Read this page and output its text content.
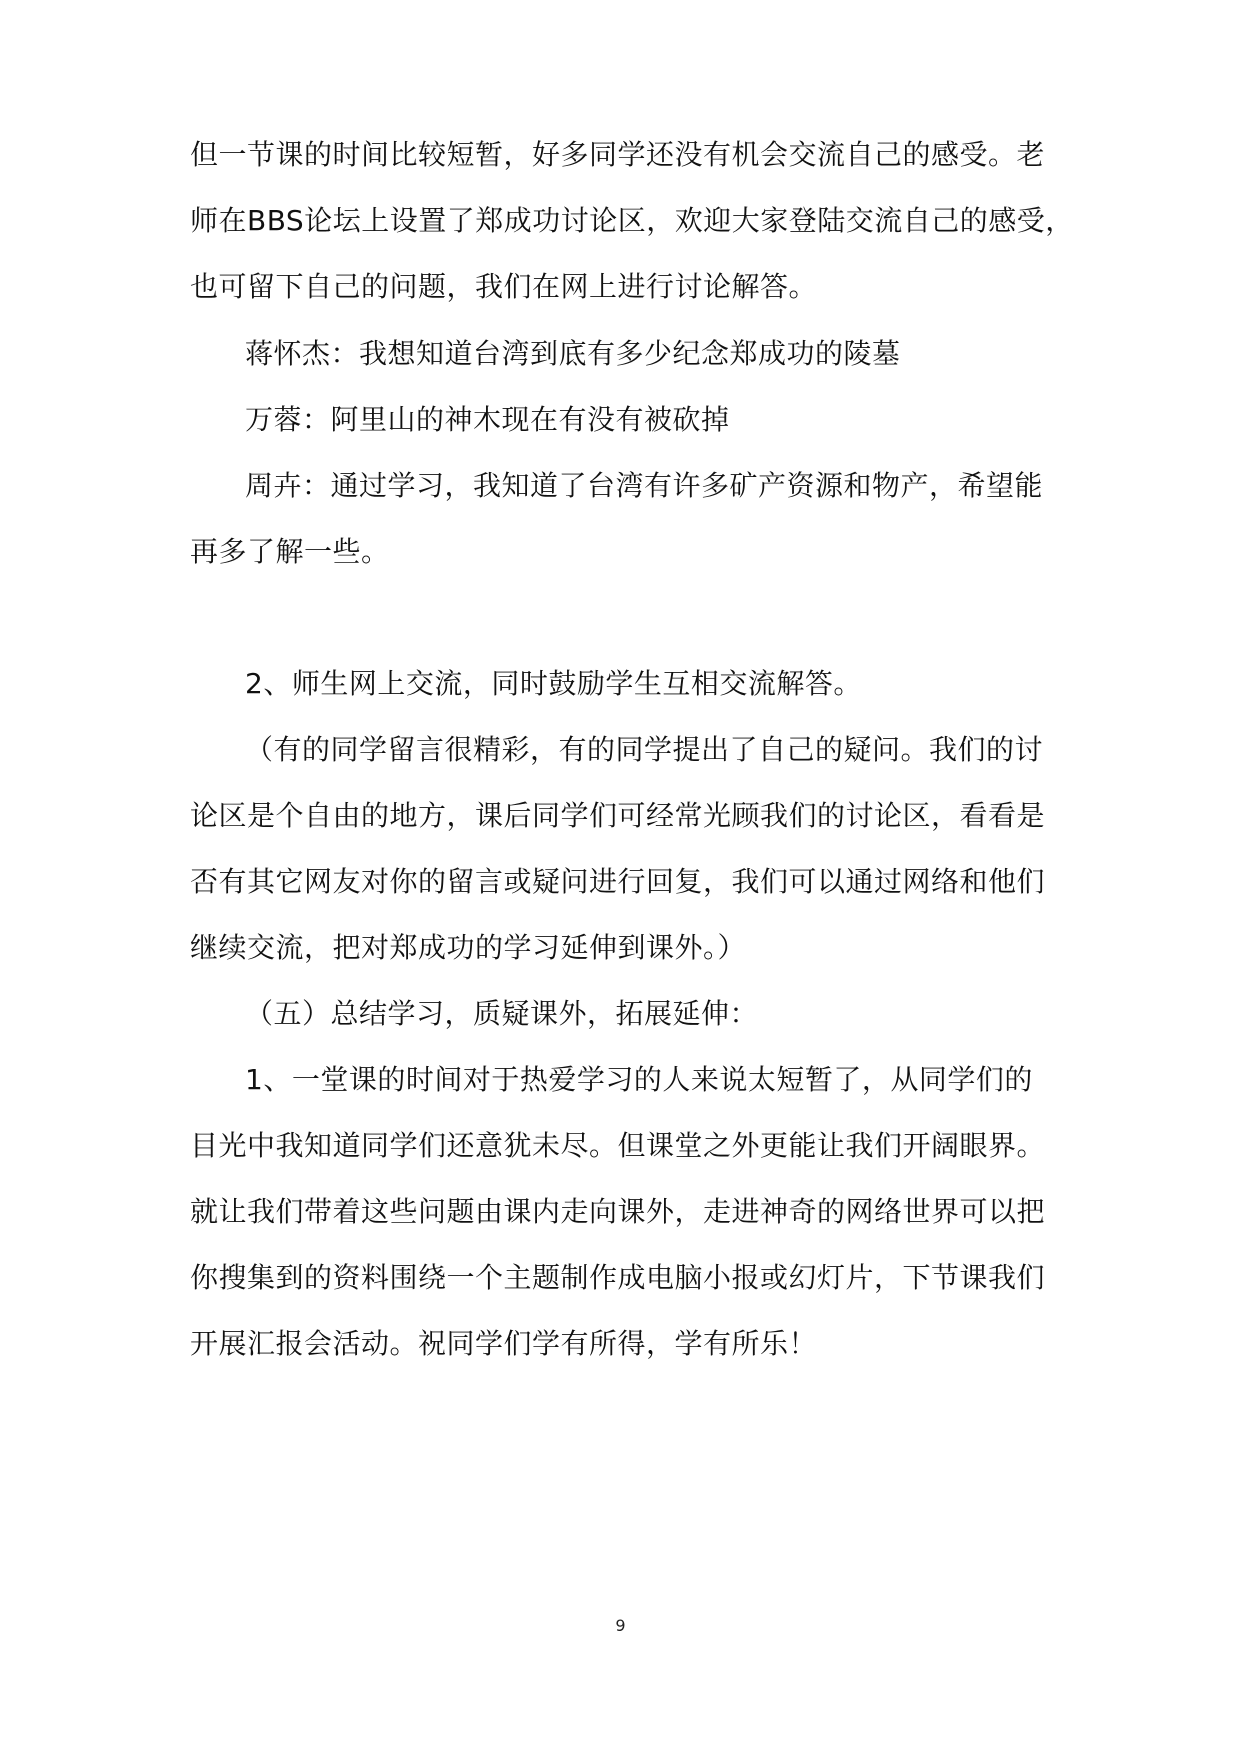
但一节课的时间比较短暂，好多同学还没有机会交流自己的感受。老
师在BBS论坛上设置了郑成功讨论区，欢迎大家登陆交流自己的感受，
也可留下自己的问题，我们在网上进行讨论解答。
蒋怀杰：我想知道台湾到底有多少纪念郑成功的陵墓
万蓉：阿里山的神木现在有没有被砍掉
周卉：通过学习，我知道了台湾有许多矿产资源和物产，希望能
再多了解一些。
2、师生网上交流，同时鼓励学生互相交流解答。
（有的同学留言很精彩，有的同学提出了自己的疑问。我们的讨
论区是个自由的地方，课后同学们可经常光顾我们的讨论区，看看是
否有其它网友对你的留言或疑问进行回复，我们可以通过网络和他们
继续交流，把对郑成功的学习延伸到课外。）
（五）总结学习，质疑课外，拓展延伸：
1、一堂课的时间对于热爱学习的人来说太短暂了，从同学们的
目光中我知道同学们还意犹未尽。但课堂之外更能让我们开阔眼界。
就让我们带着这些问题由课内走向课外，走进神奇的网络世界可以把
你搜集到的资料围绕一个主题制作成电脑小报或幻灯片，下节课我们
开展汇报会活动。祝同学们学有所得，学有所乐！
9
